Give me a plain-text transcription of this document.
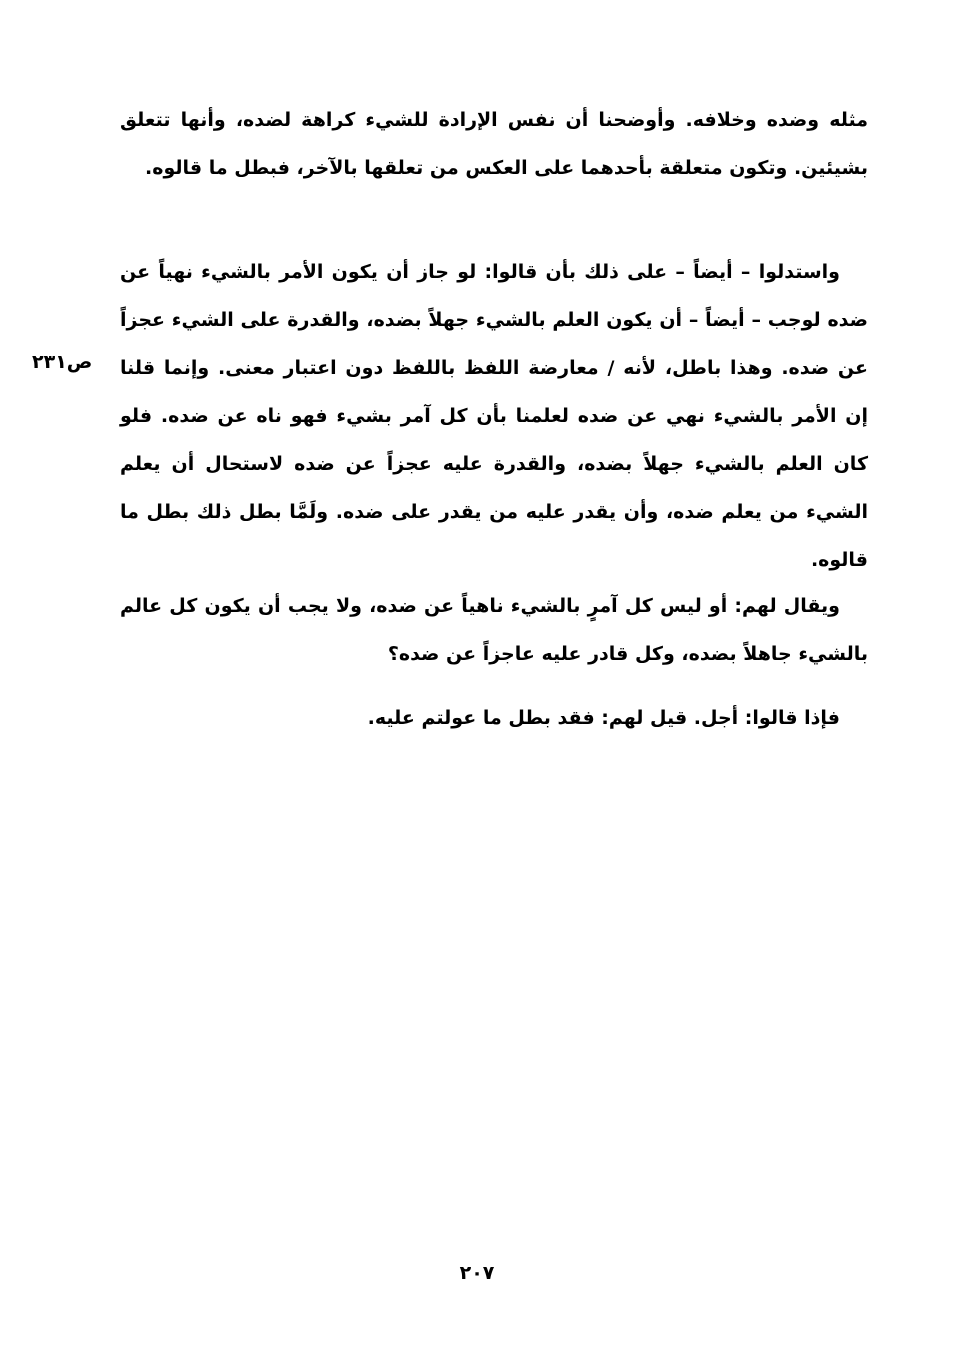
مثله وضده وخلافه. وأوضحنا أن نفس الإرادة للشيء كراهة لضده، وأنها تتعلق بشيئين. وتكون متعلقة بأحدهما على العكس من تعلقها بالآخر، فبطل ما قالوه.

واستدلوا – أيضاً – على ذلك بأن قالوا: لو جاز أن يكون الأمر بالشيء نهياً عن ضده لوجب – أيضاً – أن يكون العلم بالشيء جهلاً بضده، والقدرة على الشيء عجزاً عن ضده. وهذا باطل، لأنه / معارضة اللفظ باللفظ دون اعتبار معنى. وإنما قلنا إن الأمر بالشيء نهي عن ضده لعلمنا بأن كل آمر بشيء فهو ناه عن ضده. فلو كان العلم بالشيء جهلاً بضده، والقدرة عليه عجزاً عن ضده لاستحال أن يعلم الشيء من يعلم ضده، وأن يقدر عليه من يقدر على ضده. ولَمَّا بطل ذلك بطل ما قالوه.

ويقال لهم: أو ليس كل آمرٍ بالشيء ناهياً عن ضده، ولا يجب أن يكون كل عالم بالشيء جاهلاً بضده، وكل قادر عليه عاجزاً عن ضده؟

فإذا قالوا: أجل. قيل لهم: فقد بطل ما عولتم عليه.

ص٢٣١
٢٠٧
